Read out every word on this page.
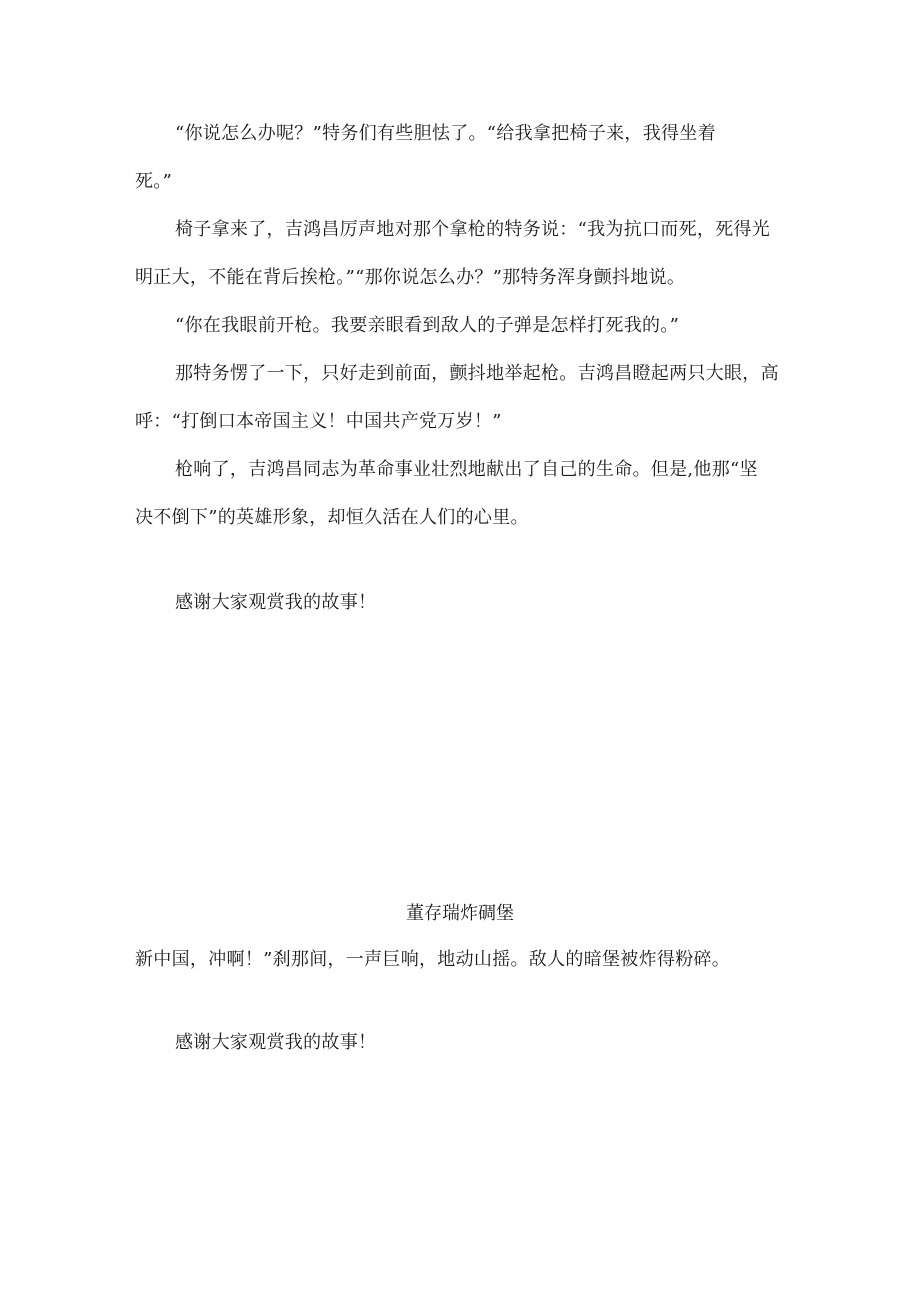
“你说怎么办呢？”特务们有些胆怯了。“给我拿把椅子来，我得坐着
死。”
椅子拿来了，吉鸿昌厉声地对那个拿枪的特务说：“我为抗口而死，死得光
明正大，不能在背后挨枪。”“那你说怎么办？”那特务浑身颤抖地说。
“你在我眼前开枪。我要亲眼看到敌人的子弹是怎样打死我的。”
那特务愣了一下，只好走到前面，颤抖地举起枪。吉鸿昌瞪起两只大眼，高
呼：“打倒口本帝国主义！中国共产党万岁！”
枪响了，吉鸿昌同志为革命事业壮烈地献出了自己的生命。但是,他那“坚
决不倒下”的英雄形象，却恒久活在人们的心里。
感谢大家观赏我的故事！
董存瑞炸碉堡
新中国，冲啊！”刹那间，一声巨响，地动山摇。敌人的暗堡被炸得粉碎。
感谢大家观赏我的故事！
